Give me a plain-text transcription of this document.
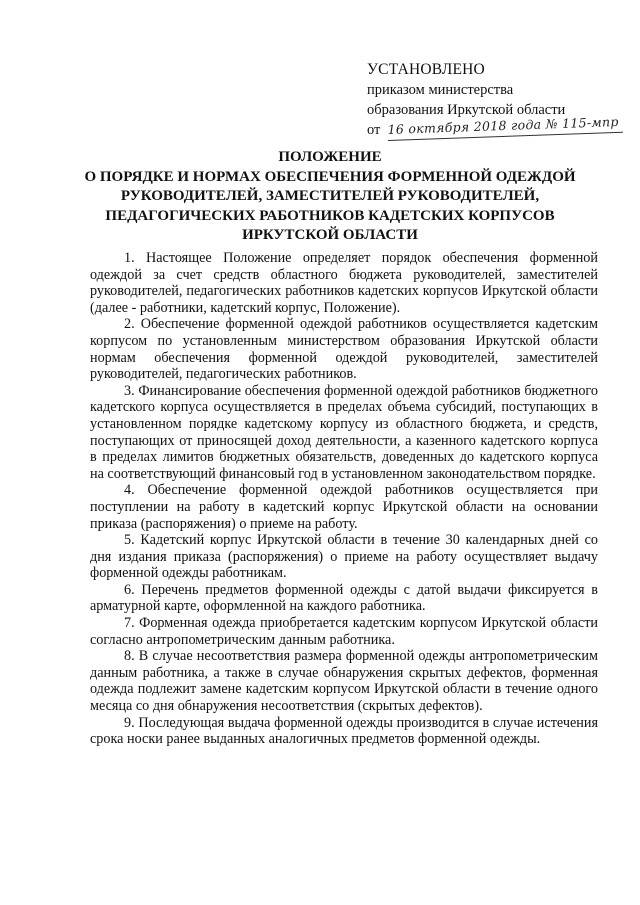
УСТАНОВЛЕНО
приказом министерства
образования Иркутской области
от 16 октября 2018 года № 115-мпр
ПОЛОЖЕНИЕ
О ПОРЯДКЕ И НОРМАХ ОБЕСПЕЧЕНИЯ ФОРМЕННОЙ ОДЕЖДОЙ
РУКОВОДИТЕЛЕЙ, ЗАМЕСТИТЕЛЕЙ РУКОВОДИТЕЛЕЙ,
ПЕДАГОГИЧЕСКИХ РАБОТНИКОВ КАДЕТСКИХ КОРПУСОВ
ИРКУТСКОЙ ОБЛАСТИ

1. Настоящее Положение определяет порядок обеспечения форменной одеждой за счет средств областного бюджета руководителей, заместителей руководителей, педагогических работников кадетских корпусов Иркутской области (далее - работники, кадетский корпус, Положение).

2. Обеспечение форменной одеждой работников осуществляется кадетским корпусом по установленным министерством образования Иркутской области нормам обеспечения форменной одеждой руководителей, заместителей руководителей, педагогических работников.

3. Финансирование обеспечения форменной одеждой работников бюджетного кадетского корпуса осуществляется в пределах объема субсидий, поступающих в установленном порядке кадетскому корпусу из областного бюджета, и средств, поступающих от приносящей доход деятельности, а казенного кадетского корпуса в пределах лимитов бюджетных обязательств, доведенных до кадетского корпуса на соответствующий финансовый год в установленном законодательством порядке.

4. Обеспечение форменной одеждой работников осуществляется при поступлении на работу в кадетский корпус Иркутской области на основании приказа (распоряжения) о приеме на работу.

5. Кадетский корпус Иркутской области в течение 30 календарных дней со дня издания приказа (распоряжения) о приеме на работу осуществляет выдачу форменной одежды работникам.

6. Перечень предметов форменной одежды с датой выдачи фиксируется в арматурной карте, оформленной на каждого работника.

7. Форменная одежда приобретается кадетским корпусом Иркутской области согласно антропометрическим данным работника.

8. В случае несоответствия размера форменной одежды антропометрическим данным работника, а также в случае обнаружения скрытых дефектов, форменная одежда подлежит замене кадетским корпусом Иркутской области в течение одного месяца со дня обнаружения несоответствия (скрытых дефектов).

9. Последующая выдача форменной одежды производится в случае истечения срока носки ранее выданных аналогичных предметов форменной одежды.
